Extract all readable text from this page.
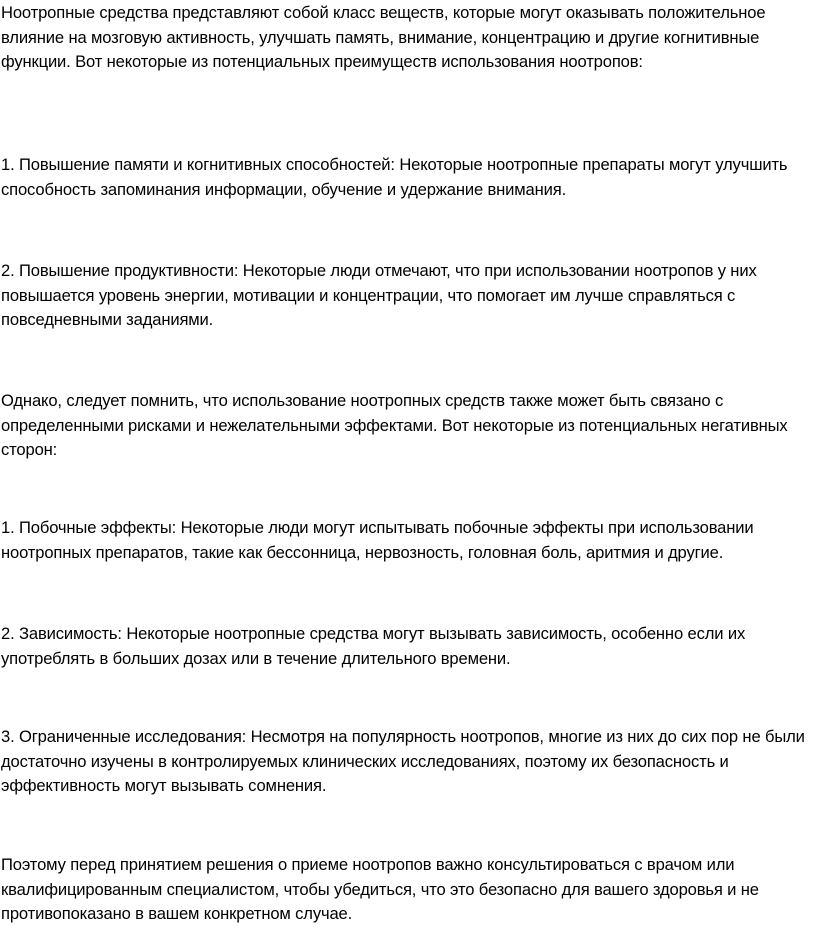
Ноотропные средства представляют собой класс веществ, которые могут оказывать положительное влияние на мозговую активность, улучшать память, внимание, концентрацию и другие когнитивные функции. Вот некоторые из потенциальных преимуществ использования ноотропов:

1. Повышение памяти и когнитивных способностей: Некоторые ноотропные препараты могут улучшить способность запоминания информации, обучение и удержание внимания.

2. Повышение продуктивности: Некоторые люди отмечают, что при использовании ноотропов у них повышается уровень энергии, мотивации и концентрации, что помогает им лучше справляться с повседневными заданиями.

Однако, следует помнить, что использование ноотропных средств также может быть связано с определенными рисками и нежелательными эффектами. Вот некоторые из потенциальных негативных сторон:

1. Побочные эффекты: Некоторые люди могут испытывать побочные эффекты при использовании ноотропных препаратов, такие как бессонница, нервозность, головная боль, аритмия и другие.

2. Зависимость: Некоторые ноотропные средства могут вызывать зависимость, особенно если их употреблять в больших дозах или в течение длительного времени.

3. Ограниченные исследования: Несмотря на популярность ноотропов, многие из них до сих пор не были достаточно изучены в контролируемых клинических исследованиях, поэтому их безопасность и эффективность могут вызывать сомнения.

Поэтому перед принятием решения о приеме ноотропов важно консультироваться с врачом или квалифицированным специалистом, чтобы убедиться, что это безопасно для вашего здоровья и не противопоказано в вашем конкретном случае.
